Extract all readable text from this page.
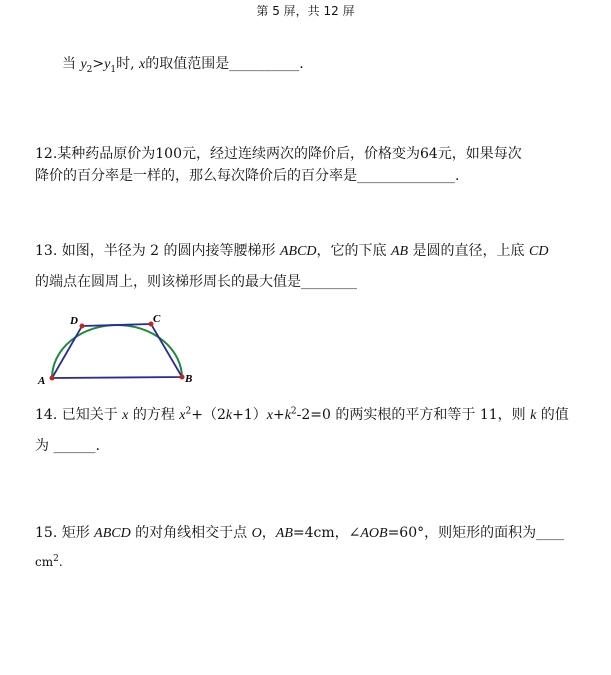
第 5 屏，共 12 屏
当 $y_2>y_1$时, x的取值范围是__________.
12.某种药品原价为100元，经过连续两次的降价后，价格变为64元，如果每次
降价的百分率是一样的，那么每次降价后的百分率是______________.
13. 如图，半径为 2 的圆内接等腰梯形 ABCD，它的下底 AB 是圆的直径，上底 CD
的端点在圆周上，则该梯形周长的最大值是________
A	B
C
D
14. 已知关于 x 的方程 $x^2+(2k+1)x+k^2-2=0$ 的两实根的平方和等于 11，则 k 的值
为 ______.
15. 矩形 ABCD 的对角线相交于点 O，AB=4cm，∠AOB=60°，则矩形的面积为____
$cm^2$.
